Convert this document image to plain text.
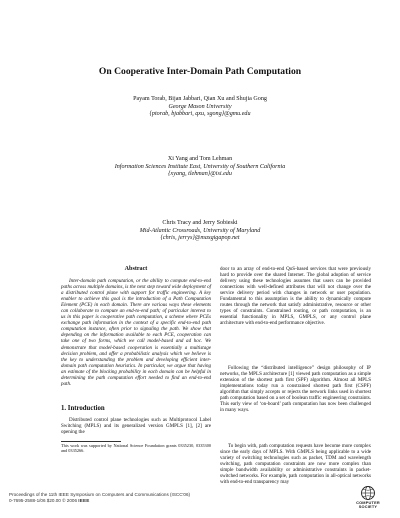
On Cooperative Inter-Domain Path Computation
Payam Torab, Bijan Jabbari, Qian Xu and Shujia Gong
George Mason University
{ptorab, bjabbari, qxu, sgong}@gmu.edu
Xi Yang and Tom Lehman
Information Sciences Institute East, University of Southern California
{xyang, tlehman}@isi.edu
Chris Tracy and Jerry Sobieski
Mid-Atlantic Crossroads, University of Maryland
{chris, jerrys}@maxgigapop.net
Abstract
Inter-domain path computation, or the ability to compute end-to-end paths across multiple domains, is the next step toward wide deployment of a distributed control plane with support for traffic engineering. A key enabler to achieve this goal is the introduction of a Path Computation Element (PCE) in each domain. There are various ways these elements can collaborate to compute an end-to-end path; of particular interest to us in this paper is cooperative path computation, a scheme where PCEs exchange path information in the context of a specific end-to-end path computation instance, often prior to signaling the path. We show that depending on the information available to each PCE, cooperation can take one of two forms, which we call model-based and ad hoc. We demonstrate that model-based cooperation is essentially a multistage decision problem, and offer a probabilistic analysis which we believe is the key to understanding the problem and developing efficient inter-domain path computation heuristics. In particular, we argue that having an estimate of the blocking probability in each domain can be helpful in determining the path computation effort needed to find an end-to-end path.
1. Introduction
Distributed control plane technologies such as Multiprotocol Label Switching (MPLS) and its generalized version GMPLS [1], [2] are opening the
This work was supported by National Science Foundation grants 0335230, 0335300 and 0335266.
door to an array of end-to-end QoS-based services that were previously hard to provide over the shared Internet. The global adoption of service delivery using these technologies assumes that users can be provided connections with well-defined attributes that will not change over the service delivery period with changes in network or user population. Fundamental to this assumption is the ability to dynamically compute routes through the network that satisfy administrative, resource or other types of constraints. Constrained routing, or path computation, is an essential functionality in MPLS, GMPLS, or any control plane architecture with end-to-end performance objective.
Following the “distributed intelligence” design philosophy of IP networks, the MPLS architecture [1] viewed path computation as a simple extension of the shortest path first (SPF) algorithm. Almost all MPLS implementations today run a constrained shortest path first (CSPF) algorithm that simply accepts or rejects the network links used in shortest path computation based on a set of boolean traffic engineering constraints. This early view of ‘on-board’ path computation has now been challenged in many ways.
To begin with, path computation requests have become more complex since the early days of MPLS. With GMPLS being applicable to a wide variety of switching technologies such as packet, TDM and wavelength switching, path computation constraints are now more complex than simple bandwidth availability or administrative constraints in packet-switched networks. For example, path computation in all-optical networks with end-to-end transparency may
Proceedings of the 11th IEEE Symposium on Computers and Communications (ISCC'06)
0-7695-2588-1/06 $20.00 © 2006 IEEE	COMPUTER
SOCIETY
